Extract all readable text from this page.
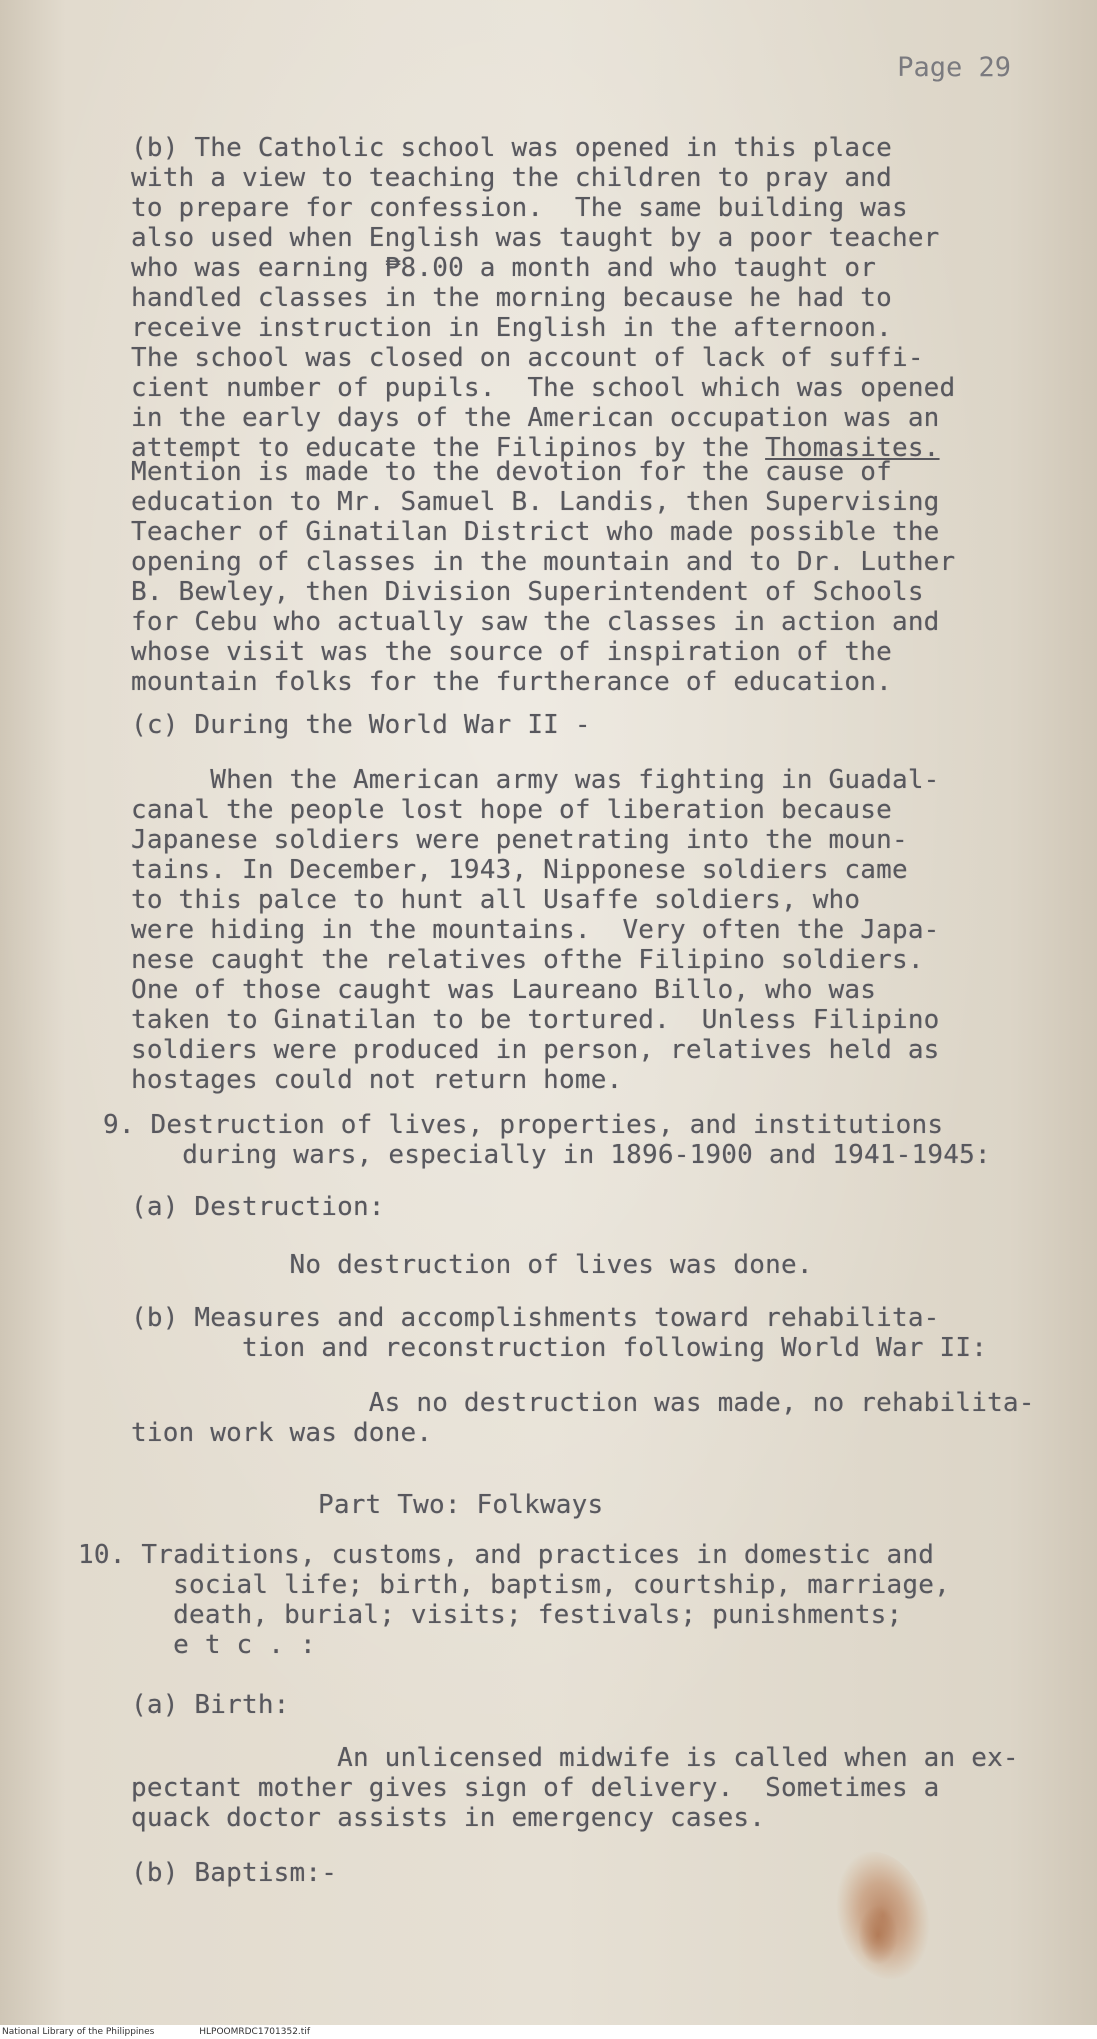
Page 29
(b) The Catholic school was opened in this place
with a view to teaching the children to pray and
to prepare for confession.  The same building was
also used when English was taught by a poor teacher
who was earning ₱8.00 a month and who taught or
handled classes in the morning because he had to
receive instruction in English in the afternoon.
The school was closed on account of lack of suffi-
cient number of pupils.  The school which was opened
in the early days of the American occupation was an
attempt to educate the Filipinos by the Thomasites.
Mention is made to the devotion for the cause of
education to Mr. Samuel B. Landis, then Supervising
Teacher of Ginatilan District who made possible the
opening of classes in the mountain and to Dr. Luther
B. Bewley, then Division Superintendent of Schools
for Cebu who actually saw the classes in action and
whose visit was the source of inspiration of the
mountain folks for the furtherance of education.
(c) During the World War II -
When the American army was fighting in Guadal-
canal the people lost hope of liberation because
Japanese soldiers were penetrating into the moun-
tains. In December, 1943, Nipponese soldiers came
to this palce to hunt all Usaffe soldiers, who
were hiding in the mountains.  Very often the Japa-
nese caught the relatives ofthe Filipino soldiers.
One of those caught was Laureano Billo, who was
taken to Ginatilan to be tortured.  Unless Filipino
soldiers were produced in person, relatives held as
hostages could not return home.
9. Destruction of lives, properties, and institutions
during wars, especially in 1896-1900 and 1941-1945:
(a) Destruction:
No destruction of lives was done.
(b) Measures and accomplishments toward rehabilita-
tion and reconstruction following World War II:
As no destruction was made, no rehabilita-
tion work was done.
Part Two: Folkways
10. Traditions, customs, and practices in domestic and
social life; birth, baptism, courtship, marriage,
death, burial; visits; festivals; punishments;
e t c . :
(a) Birth:
An unlicensed midwife is called when an ex-
pectant mother gives sign of delivery.  Sometimes a
quack doctor assists in emergency cases.
(b) Baptism:-
National Library of the Philippines	HLPOOMRDC1701352.tif
